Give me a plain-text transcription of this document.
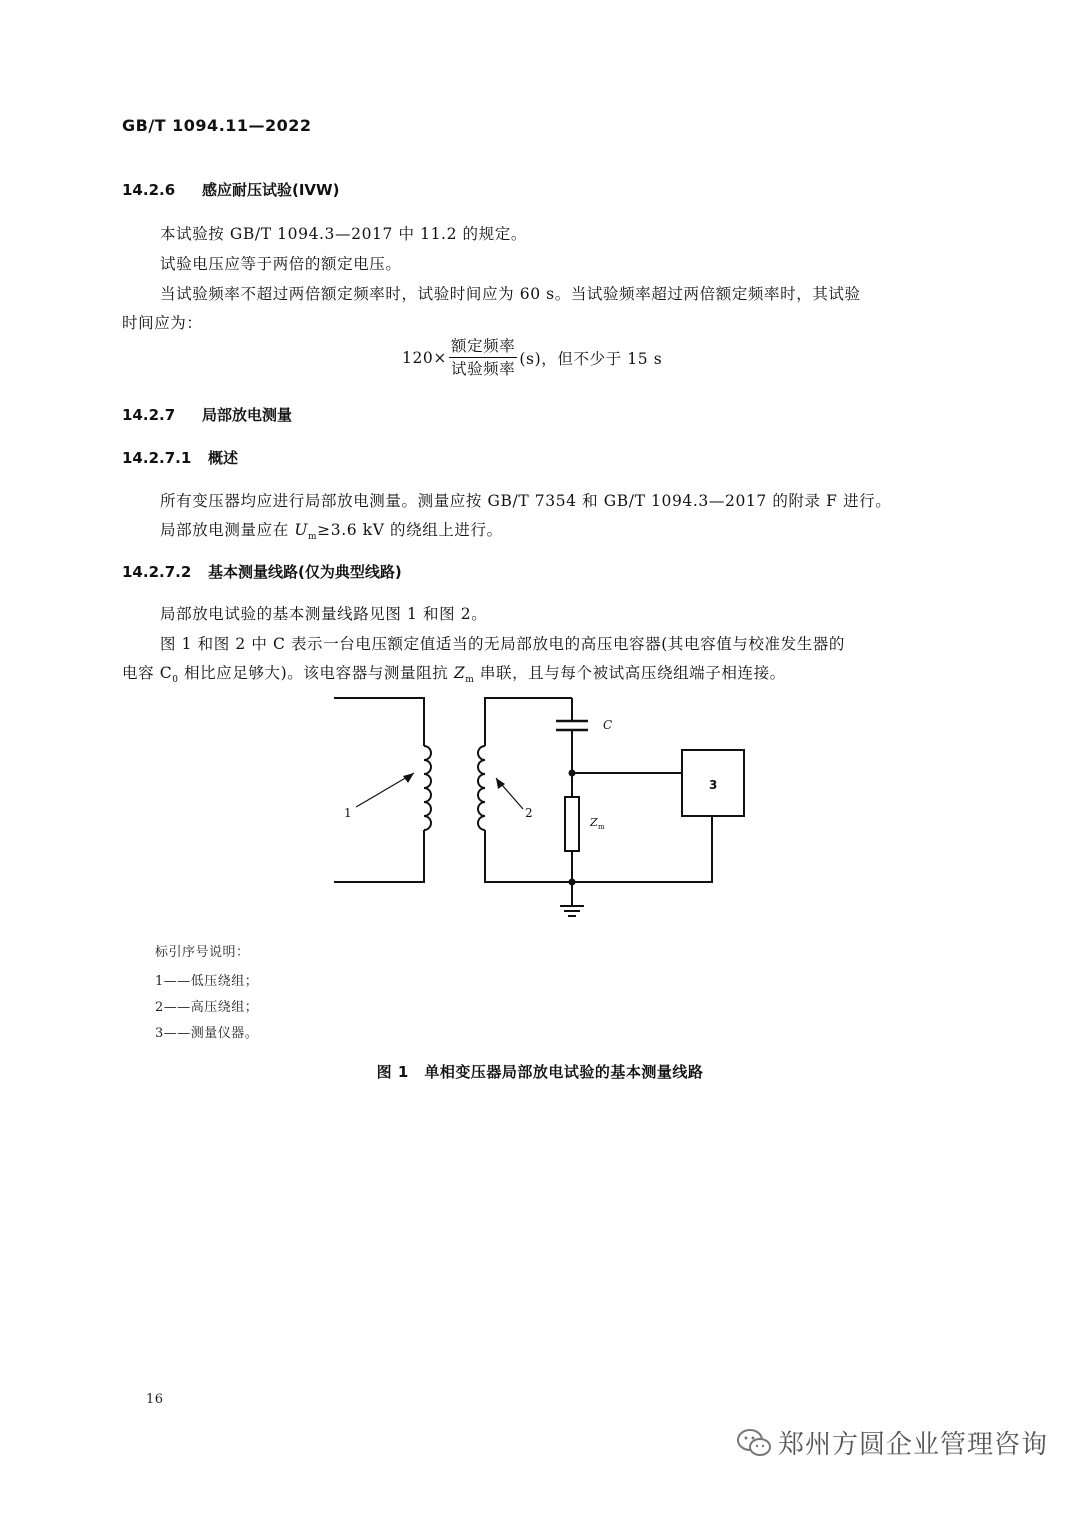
GB/T 1094.11—2022
14.2.6 感应耐压试验(IVW)
本试验按 GB/T 1094.3—2017 中 11.2 的规定。
试验电压应等于两倍的额定电压。
当试验频率不超过两倍额定频率时，试验时间应为 60 s。当试验频率超过两倍额定频率时，其试验
时间应为：
$120\times \frac{\text{额定频率}}{\text{试验频率}} (s)$，但不少于 15 s
14.2.7 局部放电测量
14.2.7.1 概述
所有变压器均应进行局部放电测量。测量应按 GB/T 7354 和 GB/T 1094.3—2017 的附录 F 进行。
局部放电测量应在 $U_m\ge 3.6$ kV 的绕组上进行。
14.2.7.2 基本测量线路(仅为典型线路)
局部放电试验的基本测量线路见图 1 和图 2。
图 1 和图 2 中 C 表示一台电压额定值适当的无局部放电的高压电容器(其电容值与校准发生器的
电容 $C_0$ 相比应足够大)。该电容器与测量阻抗 $Z_m$ 串联，且与每个被试高压绕组端子相连接。
1	2
3
C
Z m
标引序号说明：
1——低压绕组；
2——高压绕组；
3——测量仪器。
图 1　单相变压器局部放电试验的基本测量线路
16
郑州方圆企业管理咨询
